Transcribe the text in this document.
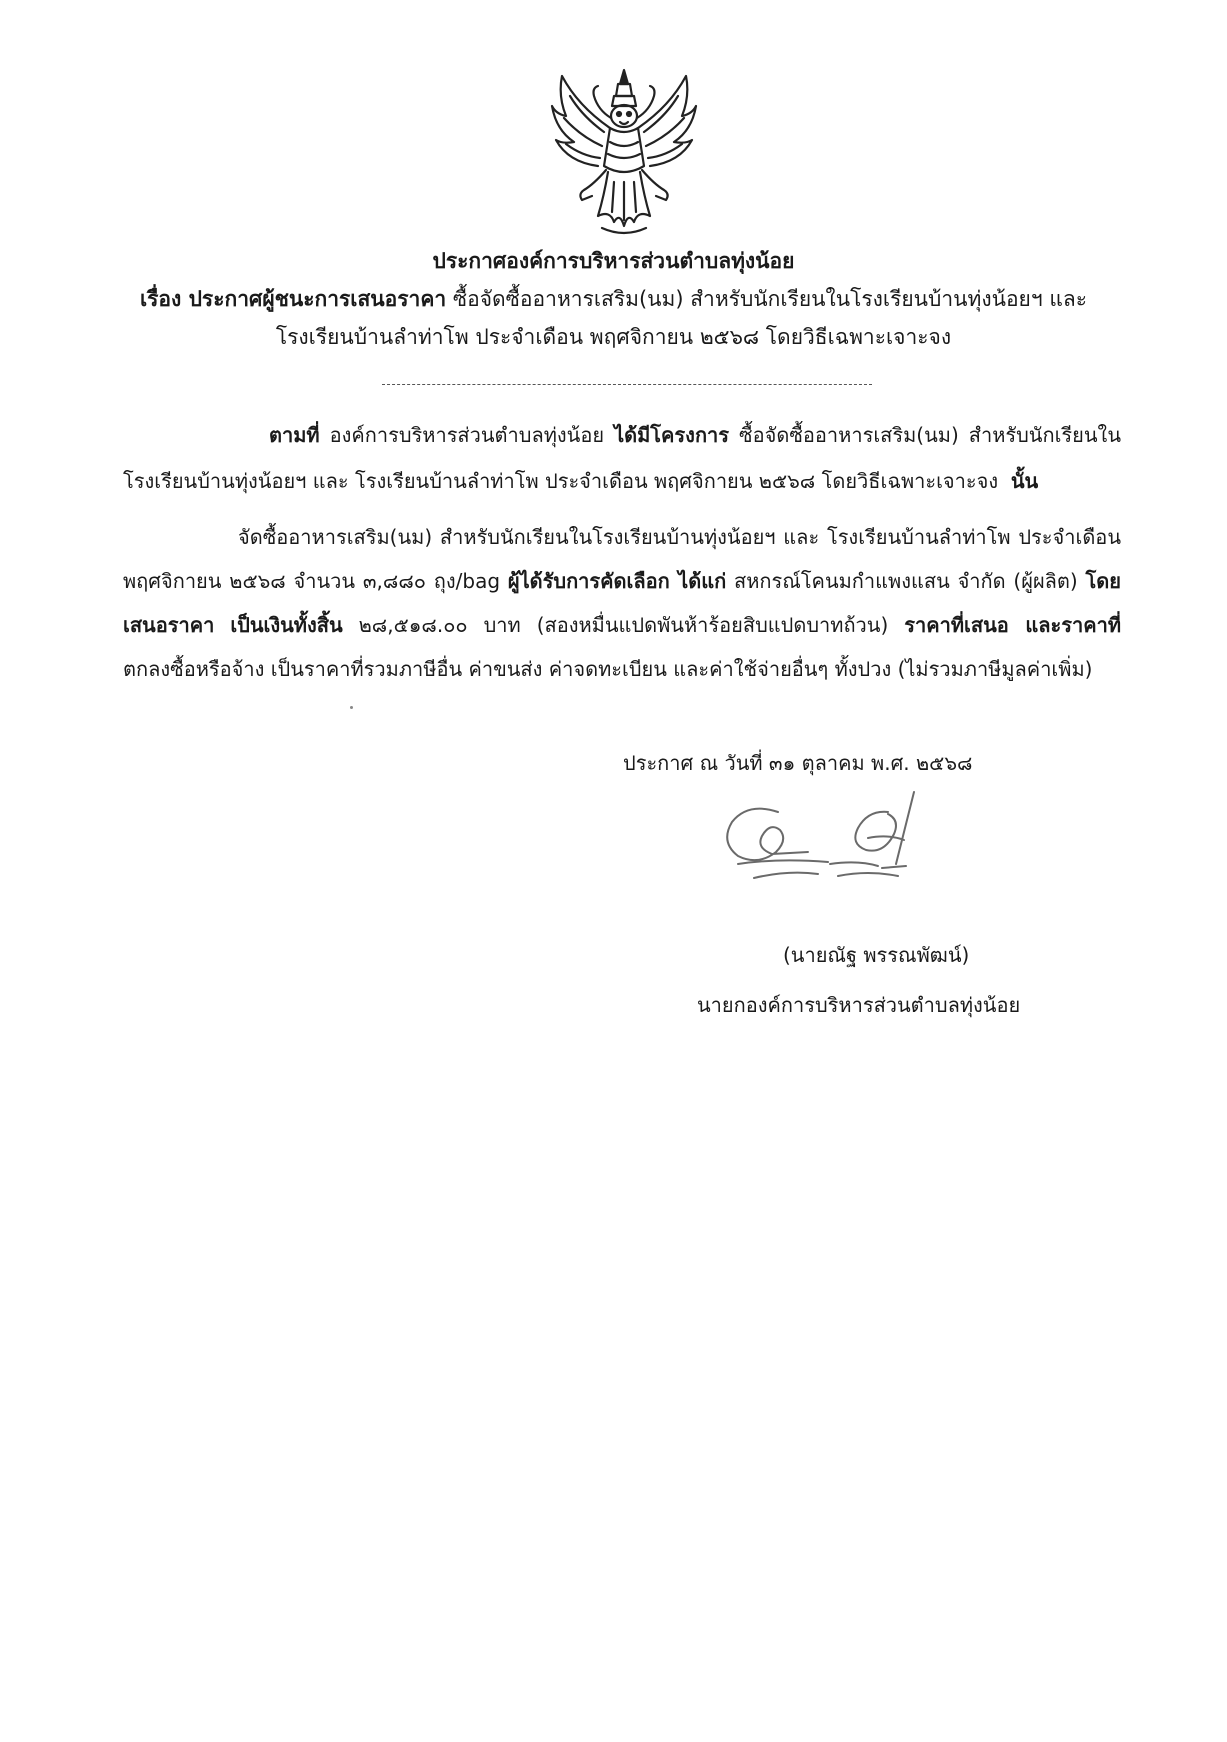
ประกาศองค์การบริหารส่วนตำบลทุ่งน้อย
เรื่อง ประกาศผู้ชนะการเสนอราคา ซื้อจัดซื้ออาหารเสริม(นม) สำหรับนักเรียนในโรงเรียนบ้านทุ่งน้อยฯ และ
โรงเรียนบ้านลำท่าโพ ประจำเดือน พฤศจิกายน ๒๕๖๘ โดยวิธีเฉพาะเจาะจง
ตามที่ องค์การบริหารส่วนตำบลทุ่งน้อย ได้มีโครงการ ซื้อจัดซื้ออาหารเสริม(นม) สำหรับนักเรียนใน
โรงเรียนบ้านทุ่งน้อยฯ และ โรงเรียนบ้านลำท่าโพ ประจำเดือน พฤศจิกายน ๒๕๖๘ โดยวิธีเฉพาะเจาะจง นั้น
จัดซื้ออาหารเสริม(นม) สำหรับนักเรียนในโรงเรียนบ้านทุ่งน้อยฯ และ โรงเรียนบ้านลำท่าโพ ประจำเดือน
พฤศจิกายน ๒๕๖๘ จำนวน ๓,๘๘๐ ถุง/bag ผู้ได้รับการคัดเลือก ได้แก่ สหกรณ์โคนมกำแพงแสน จำกัด (ผู้ผลิต) โดย
เสนอราคา เป็นเงินทั้งสิ้น ๒๘,๕๑๘.๐๐ บาท (สองหมื่นแปดพันห้าร้อยสิบแปดบาทถ้วน) ราคาที่เสนอ และราคาที่
ตกลงซื้อหรือจ้าง เป็นราคาที่รวมภาษีอื่น ค่าขนส่ง ค่าจดทะเบียน และค่าใช้จ่ายอื่นๆ ทั้งปวง (ไม่รวมภาษีมูลค่าเพิ่ม)
ประกาศ ณ วันที่ ๓๑ ตุลาคม พ.ศ. ๒๕๖๘
(นายณัฐ พรรณพัฒน์)
นายกองค์การบริหารส่วนตำบลทุ่งน้อย
